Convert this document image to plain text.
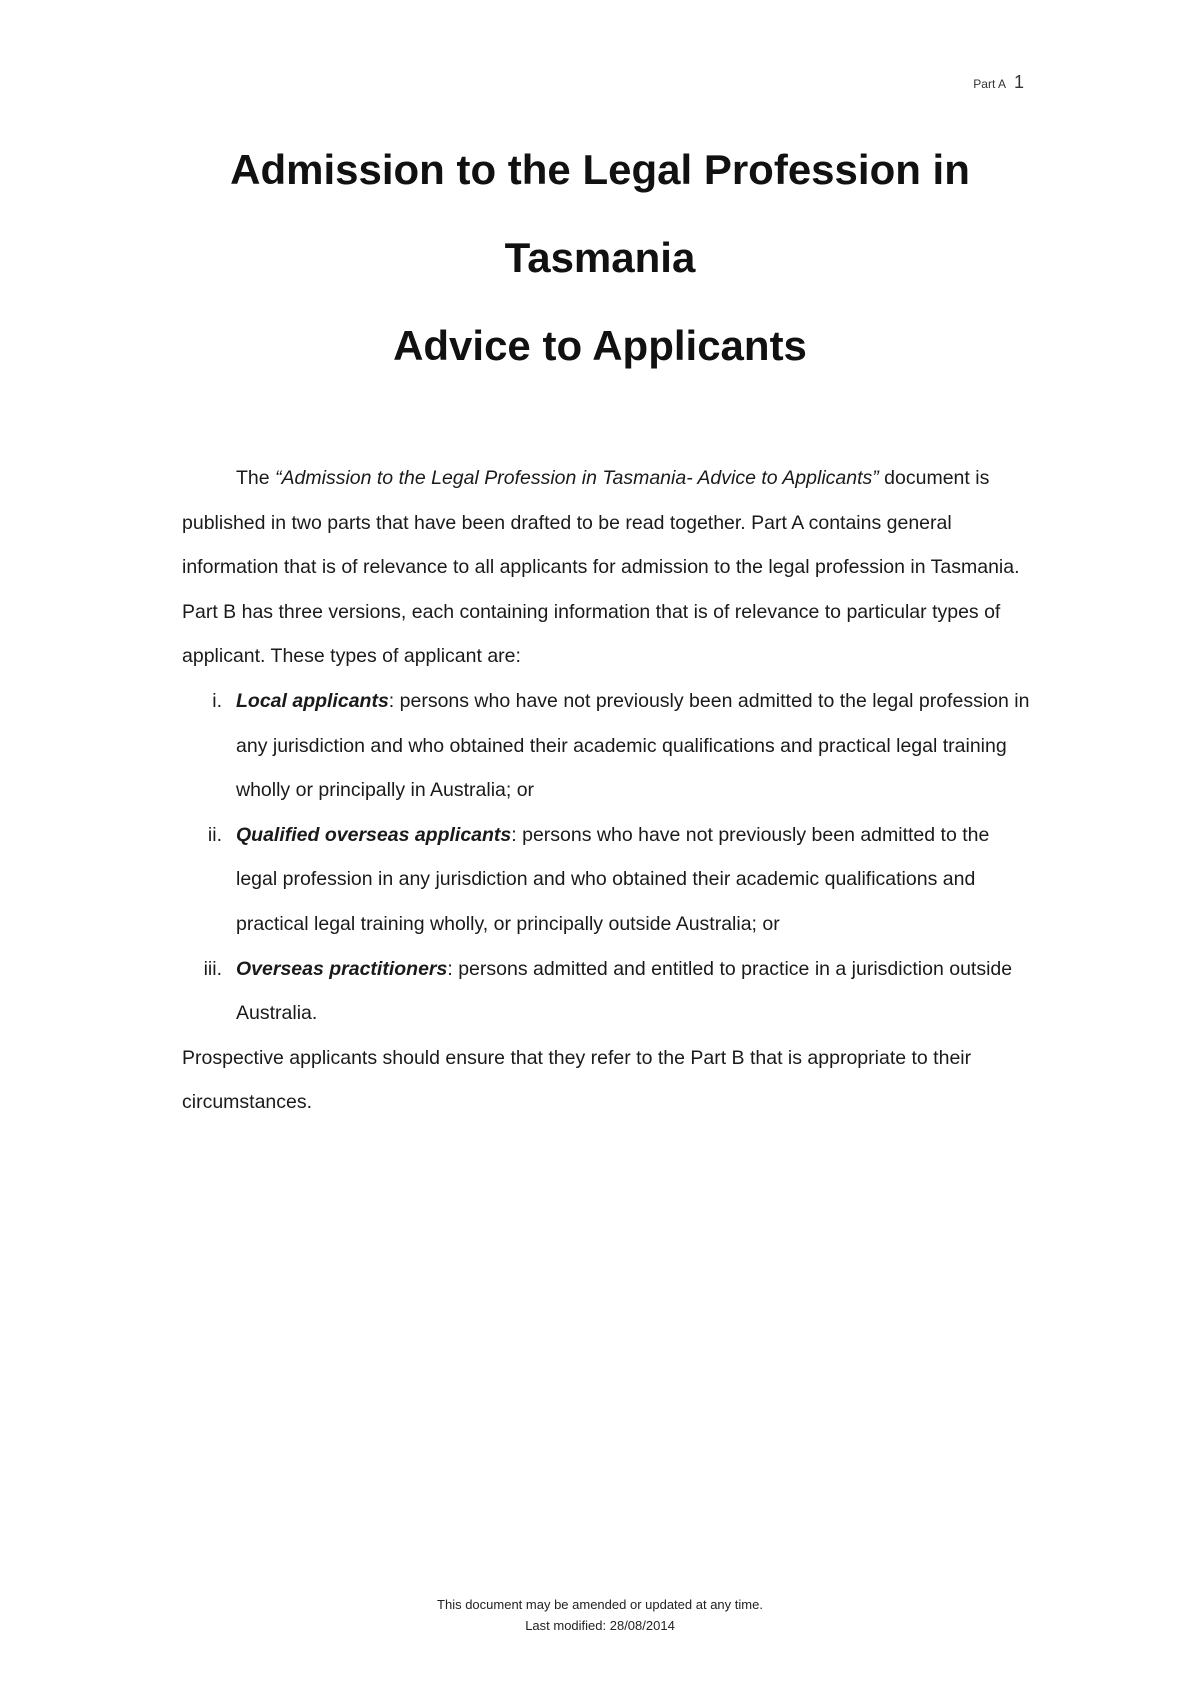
Part A 1
Admission to the Legal Profession in
Tasmania
Advice to Applicants

The “Admission to the Legal Profession in Tasmania- Advice to Applicants” document is published in two parts that have been drafted to be read together. Part A contains general information that is of relevance to all applicants for admission to the legal profession in Tasmania. Part B has three versions, each containing information that is of relevance to particular types of applicant. These types of applicant are:

i. Local applicants: persons who have not previously been admitted to the legal profession in any jurisdiction and who obtained their academic qualifications and practical legal training wholly or principally in Australia; or
ii. Qualified overseas applicants: persons who have not previously been admitted to the legal profession in any jurisdiction and who obtained their academic qualifications and practical legal training wholly, or principally outside Australia; or
iii. Overseas practitioners: persons admitted and entitled to practice in a jurisdiction outside Australia.

Prospective applicants should ensure that they refer to the Part B that is appropriate to their circumstances.

This document may be amended or updated at any time.
Last modified: 28/08/2014
